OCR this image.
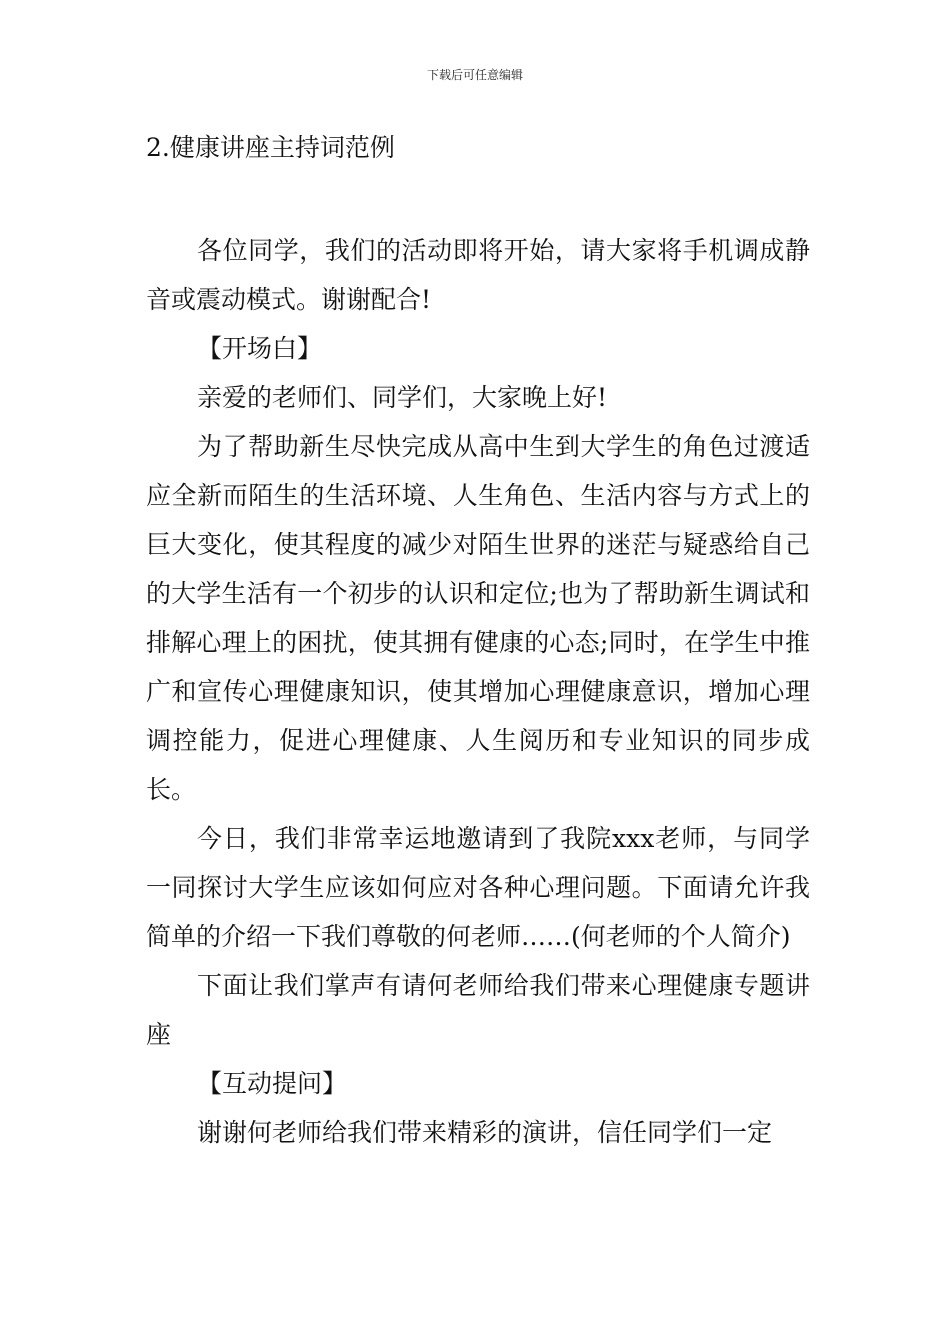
下载后可任意编辑
2.健康讲座主持词范例

各位同学，我们的活动即将开始，请大家将手机调成静音或震动模式。谢谢配合!

【开场白】

亲爱的老师们、同学们，大家晚上好!

为了帮助新生尽快完成从高中生到大学生的角色过渡适应全新而陌生的生活环境、人生角色、生活内容与方式上的巨大变化，使其程度的减少对陌生世界的迷茫与疑惑给自己的大学生活有一个初步的认识和定位;也为了帮助新生调试和排解心理上的困扰，使其拥有健康的心态;同时，在学生中推广和宣传心理健康知识，使其增加心理健康意识，增加心理调控能力，促进心理健康、人生阅历和专业知识的同步成长。

今日，我们非常幸运地邀请到了我院xxx老师，与同学一同探讨大学生应该如何应对各种心理问题。下面请允许我简单的介绍一下我们尊敬的何老师……(何老师的个人简介)

下面让我们掌声有请何老师给我们带来心理健康专题讲座

【互动提问】

谢谢何老师给我们带来精彩的演讲，信任同学们一定
